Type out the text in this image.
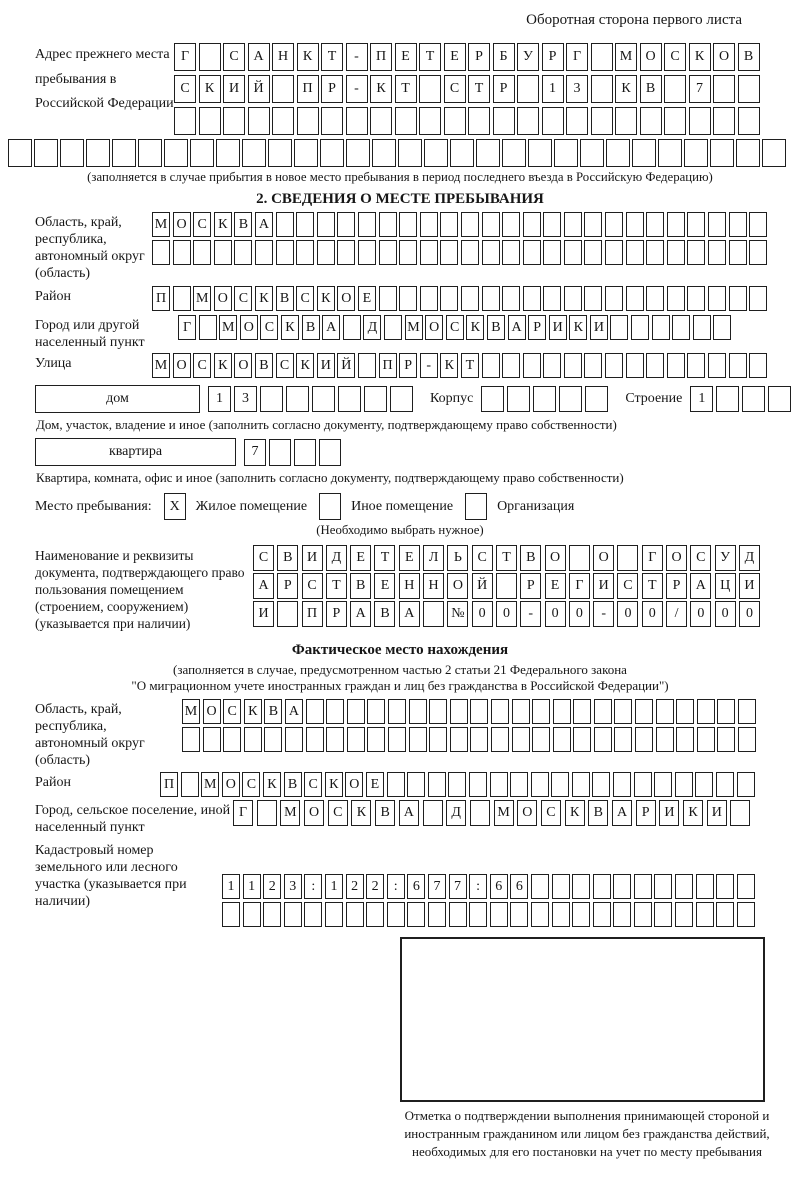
Оборотная сторона первого листа
Адрес прежнего места пребывания в Российской Федерации
Г	С	А	Н	К	Т	-	П	Е	Т	Е	Р	Б	У	Р	Г	М О	С	К	О	В
С	К	И	Й	П	Р	-	К	Т	С	Т	Р	1	3	К	В	7
(заполняется в случае прибытия в новое место пребывания в период последнего въезда в Российскую Федерацию)
2. СВЕДЕНИЯ О МЕСТЕ ПРЕБЫВАНИЯ
Область, край, республика, автономный округ (область)
М О С К В А
Район	П М О С К В С К О Е
Город или другой населенный пункт
Г	М О С К В А	Д	М О С К В А Р И К И
Улица	М О С К О В С К И Й П Р	- К Т
дом	1	3	Корпус	Строение	1
Дом, участок, владение и иное (заполнить согласно документу, подтверждающему право собственности)
квартира	7
Квартира, комната, офис и иное (заполнить согласно документу, подтверждающему право собственности)
Место пребывания:	X	Жилое помещение	Иное помещение	Организация
(Необходимо выбрать нужное)
Наименование и реквизиты документа, подтверждающего право пользования помещением (строением, сооружением) (указывается при наличии)
С	В	И	Д	Е	Т	Е	Л	Ь	С	Т	В	О	О	Г	О	С	У	Д
А	Р	С	Т	В	Е	Н	Н	О	Й	Р	Е	Г	И	С	Т	Р	А	Ц	И
И	П	Р	А	В	А	№	0	0	-	0	0	-	0	0	/	0	0	0
Фактическое место нахождения
(заполняется в случае, предусмотренном частью 2 статьи 21 Федерального закона
"О миграционном учете иностранных граждан и лиц без гражданства в Российской Федерации")
Область, край, республика, автономный округ (область)
М О С К В А
Район	П М О С К В С К О Е
Город, сельское поселение, иной населенный пункт
Г	М О С	К	В А	Д	М О С	К	В А	Р	И К И
Кадастровый номер земельного или лесного участка (указывается при наличии)
1 1 2 3	:	1 2 2	:	6 7 7	:	6 6
Отметка о подтверждении выполнения принимающей стороной и иностранным гражданином или лицом без гражданства действий, необходимых для его постановки на учет по месту пребывания
